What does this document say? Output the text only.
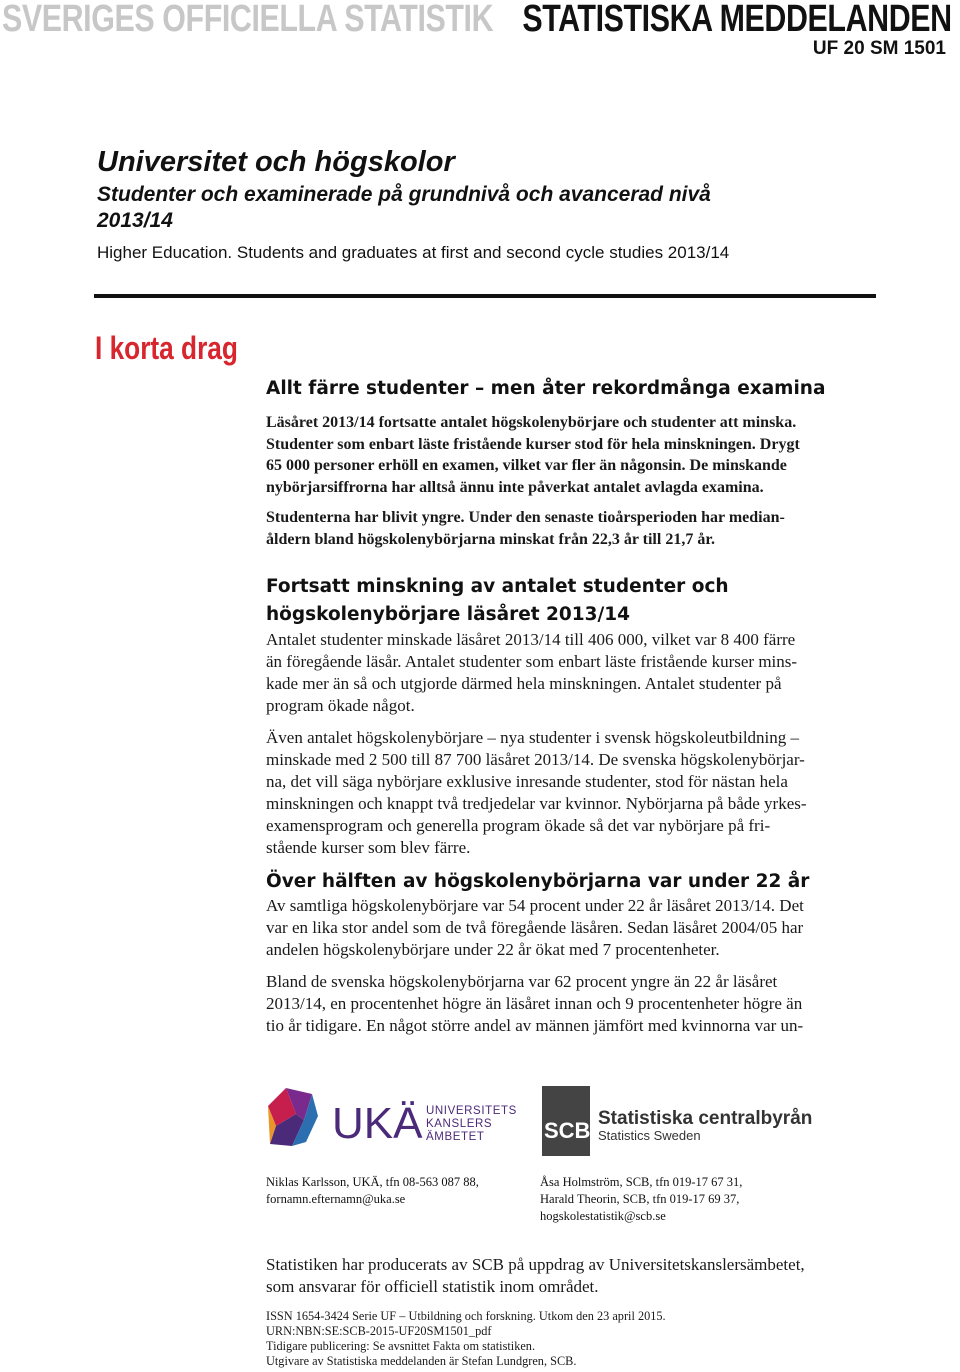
SVERIGES OFFICIELLA STATISTIK STATISTISKA MEDDELANDEN
UF 20 SM 1501
Universitet och högskolor
Studenter och examinerade på grundnivå och avancerad nivå
2013/14
Higher Education. Students and graduates at first and second cycle studies 2013/14
I korta drag
Allt färre studenter – men åter rekordmånga examina
Läsåret 2013/14 fortsatte antalet högskolenybörjare och studenter att minska.
Studenter som enbart läste fristående kurser stod för hela minskningen. Drygt
65 000 personer erhöll en examen, vilket var fler än någonsin. De minskande
nybörjarsiffrorna har alltså ännu inte påverkat antalet avlagda examina.
Studenterna har blivit yngre. Under den senaste tioårsperioden har median-
åldern bland högskolenybörjarna minskat från 22,3 år till 21,7 år.
Fortsatt minskning av antalet studenter och
högskolenybörjare läsåret 2013/14
Antalet studenter minskade läsåret 2013/14 till 406 000, vilket var 8 400 färre
än föregående läsår. Antalet studenter som enbart läste fristående kurser mins-
kade mer än så och utgjorde därmed hela minskningen. Antalet studenter på
program ökade något.
Även antalet högskolenybörjare – nya studenter i svensk högskoleutbildning –
minskade med 2 500 till 87 700 läsåret 2013/14. De svenska högskolenybörjar-
na, det vill säga nybörjare exklusive inresande studenter, stod för nästan hela
minskningen och knappt två tredjedelar var kvinnor. Nybörjarna på både yrkes-
examensprogram och generella program ökade så det var nybörjare på fri-
stående kurser som blev färre.
Över hälften av högskolenybörjarna var under 22 år
Av samtliga högskolenybörjare var 54 procent under 22 år läsåret 2013/14. Det
var en lika stor andel som de två föregående läsåren. Sedan läsåret 2004/05 har
andelen högskolenybörjare under 22 år ökat med 7 procentenheter.
Bland de svenska högskolenybörjarna var 62 procent yngre än 22 år läsåret
2013/14, en procentenhet högre än läsåret innan och 9 procentenheter högre än
tio år tidigare. En något större andel av männen jämfört med kvinnorna var un-
UKÄ UNIVERSITETS
KANSLERS
ÄMBETET	SCB Statistiska centralbyrån
Statistics Sweden
Niklas Karlsson, UKÄ, tfn 08-563 087 88,
fornamn.efternamn@uka.se
Åsa Holmström, SCB, tfn 019-17 67 31,
Harald Theorin, SCB, tfn 019-17 69 37,
hogskolestatistik@scb.se
Statistiken har producerats av SCB på uppdrag av Universitetskanslersämbetet,
som ansvarar för officiell statistik inom området.
ISSN 1654-3424 Serie UF – Utbildning och forskning. Utkom den 23 april 2015.
URN:NBN:SE:SCB-2015-UF20SM1501_pdf
Tidigare publicering: Se avsnittet Fakta om statistiken.
Utgivare av Statistiska meddelanden är Stefan Lundgren, SCB.
